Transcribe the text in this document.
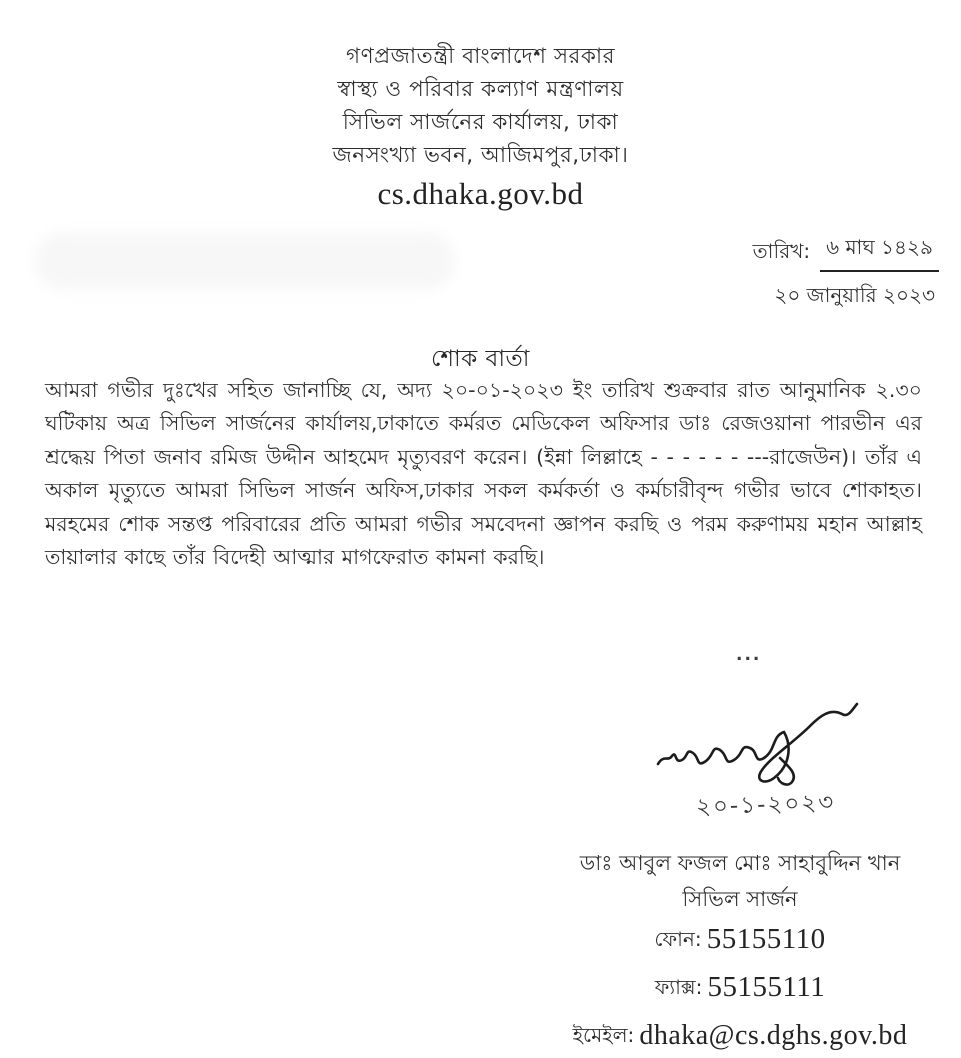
গণপ্রজাতন্ত্রী বাংলাদেশ সরকার
স্বাস্থ্য ও পরিবার কল্যাণ মন্ত্রণালয়
সিভিল সার্জনের কার্যালয়, ঢাকা
জনসংখ্যা ভবন, আজিমপুর,ঢাকা।
cs.dhaka.gov.bd
তারিখ: ৬ মাঘ ১৪২৯
২০ জানুয়ারি ২০২৩
শোক বার্তা
আমরা গভীর দুঃখের সহিত জানাচ্ছি যে, অদ্য ২০-০১-২০২৩ ইং তারিখ শুক্রবার রাত আনুমানিক ২.৩০ ঘটিকায় অত্র সিভিল সার্জনের কার্যালয়,ঢাকাতে কর্মরত মেডিকেল অফিসার ডাঃ রেজওয়ানা পারভীন এর শ্রদ্ধেয় পিতা জনাব রমিজ উদ্দীন আহমেদ মৃত্যুবরণ করেন। (ইন্না লিল্লাহে - - - - - - ---রাজেউন)। তাঁর এ অকাল মৃত্যুতে আমরা সিভিল সার্জন অফিস,ঢাকার সকল কর্মকর্তা ও কর্মচারীবৃন্দ গভীর ভাবে শোকাহত। মরহমের শোক সন্তপ্ত পরিবারের প্রতি আমরা গভীর সমবেদনা জ্ঞাপন করছি ও পরম করুণাময় মহান আল্লাহ তায়ালার কাছে তাঁর বিদেহী আত্মার মাগফেরাত কামনা করছি।
...
২০-১-২০২৩
ডাঃ আবুল ফজল মোঃ সাহাবুদ্দিন খান
সিভিল সার্জন
ফোন: 55155110
ফ্যাক্স: 55155111
ইমেইল: dhaka@cs.dghs.gov.bd
